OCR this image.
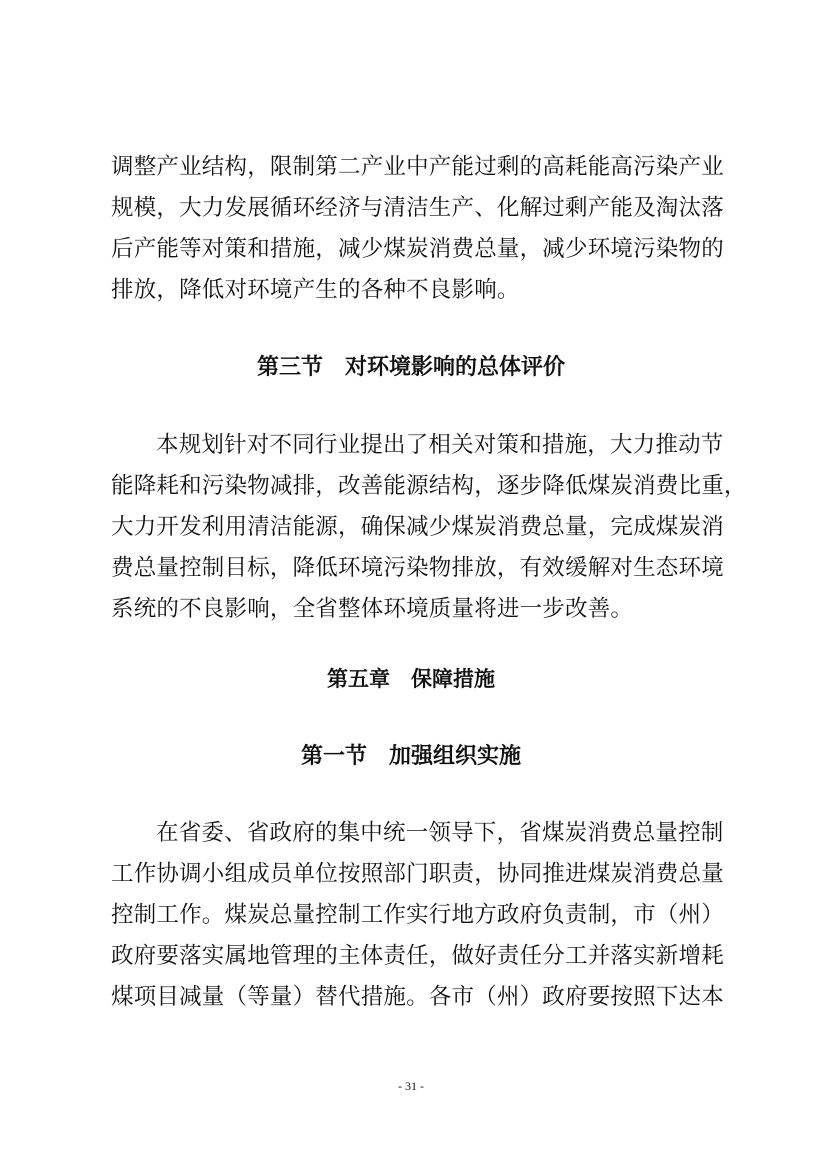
调整产业结构，限制第二产业中产能过剩的高耗能高污染产业
规模，大力发展循环经济与清洁生产、化解过剩产能及淘汰落
后产能等对策和措施，减少煤炭消费总量，减少环境污染物的
排放，降低对环境产生的各种不良影响。
第三节　对环境影响的总体评价
本规划针对不同行业提出了相关对策和措施，大力推动节
能降耗和污染物减排，改善能源结构，逐步降低煤炭消费比重，
大力开发利用清洁能源，确保减少煤炭消费总量，完成煤炭消
费总量控制目标，降低环境污染物排放，有效缓解对生态环境
系统的不良影响，全省整体环境质量将进一步改善。
第五章　保障措施
第一节　加强组织实施
在省委、省政府的集中统一领导下，省煤炭消费总量控制
工作协调小组成员单位按照部门职责，协同推进煤炭消费总量
控制工作。煤炭总量控制工作实行地方政府负责制，市（州）
政府要落实属地管理的主体责任，做好责任分工并落实新增耗
煤项目减量（等量）替代措施。各市（州）政府要按照下达本
- 31 -
